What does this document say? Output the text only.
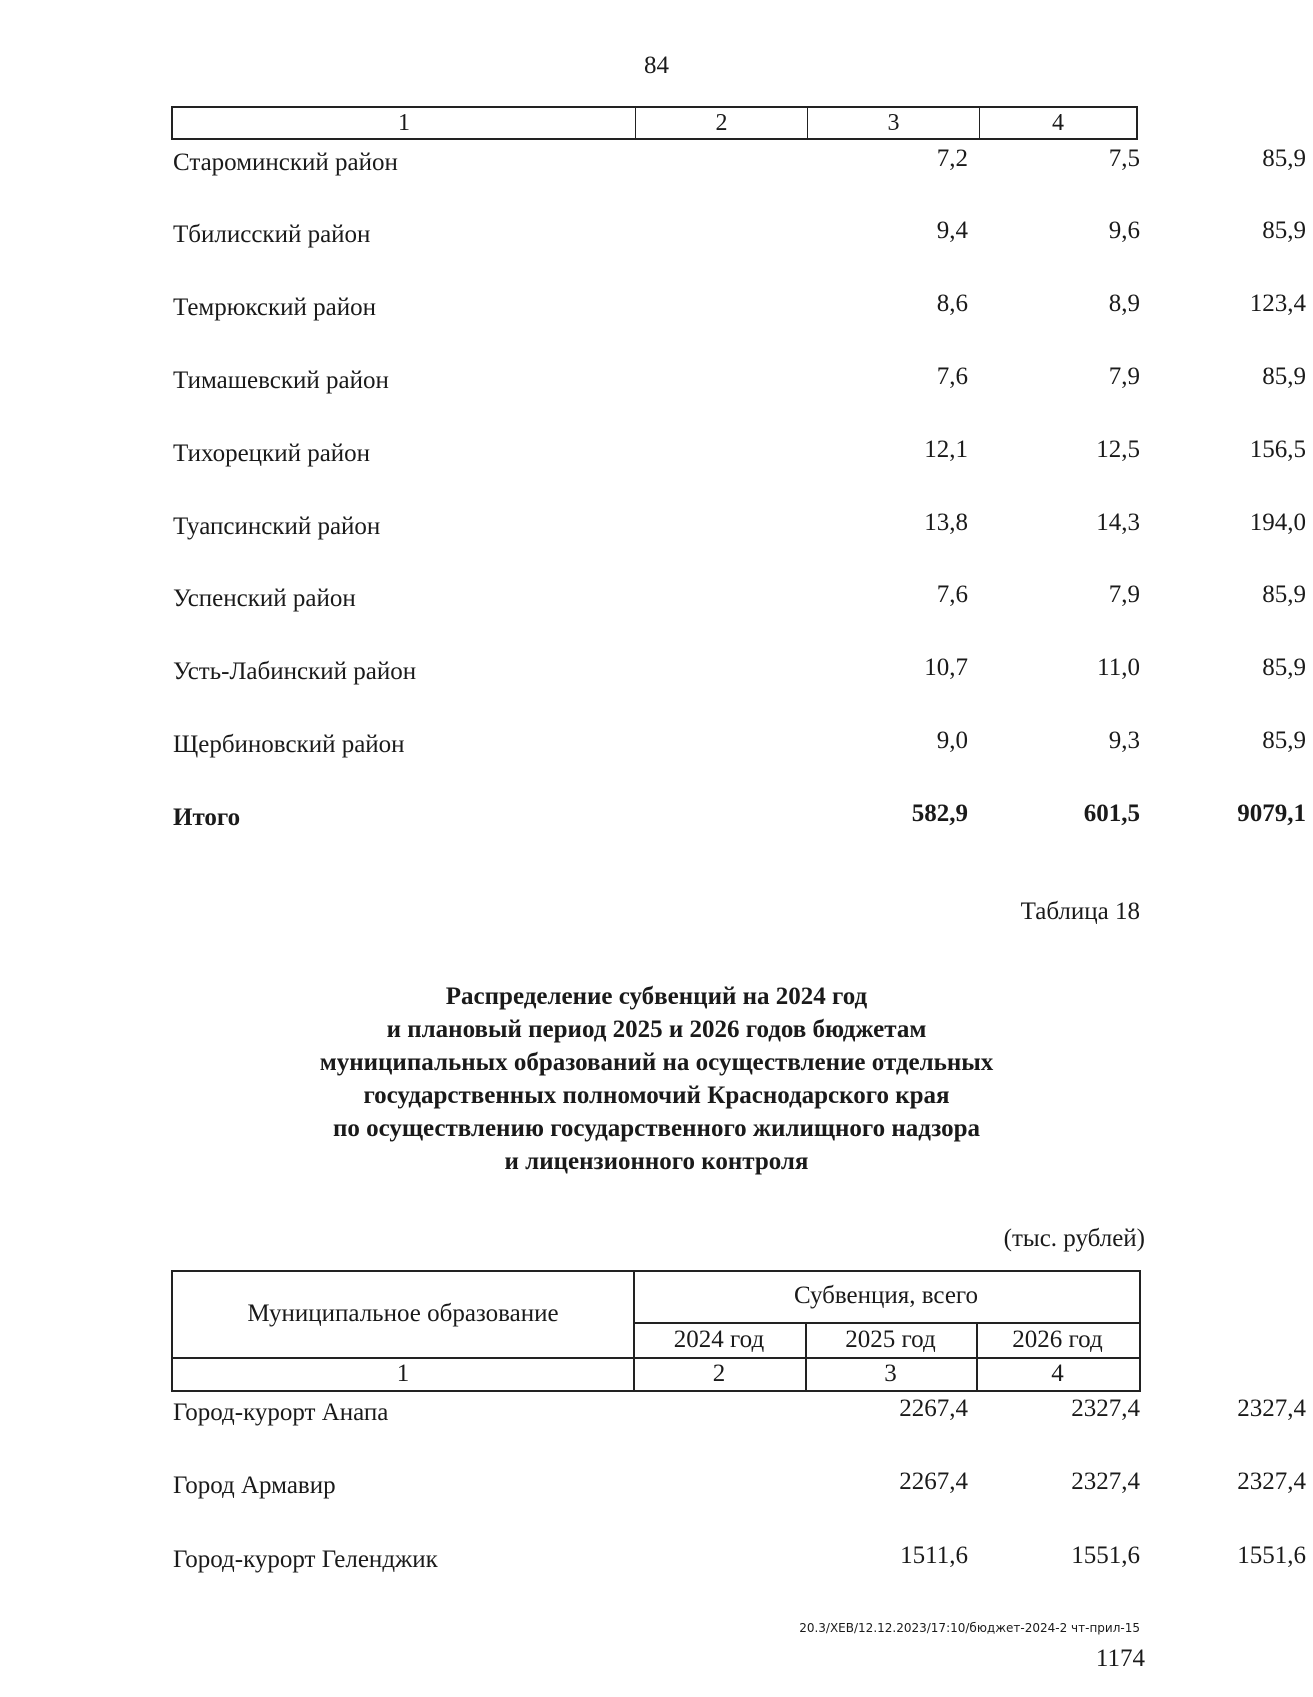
84
1	2	3	4
Староминский район	7,2	7,5	85,9
Тбилисский район	9,4	9,6	85,9
Темрюкский район	8,6	8,9	123,4
Тимашевский район	7,6	7,9	85,9
Тихорецкий район	12,1	12,5	156,5
Туапсинский район	13,8	14,3	194,0
Успенский район	7,6	7,9	85,9
Усть-Лабинский район	10,7	11,0	85,9
Щербиновский район	9,0	9,3	85,9
Итого	582,9	601,5	9079,1
Таблица 18
Распределение субвенций на 2024 год
и плановый период 2025 и 2026 годов бюджетам
муниципальных образований на осуществление отдельных
государственных полномочий Краснодарского края
по осуществлению государственного жилищного надзора
и лицензионного контроля
(тыс. рублей)
Муниципальное образование
Субвенция, всего
2024 год	2025 год	2026 год
1	2	3	4
Город-курорт Анапа	2267,4	2327,4	2327,4
Город Армавир	2267,4	2327,4	2327,4
Город-курорт Геленджик	1511,6	1551,6	1551,6
20.3/ХЕВ/12.12.2023/17:10/бюджет-2024-2 чт-прил-15
1174
